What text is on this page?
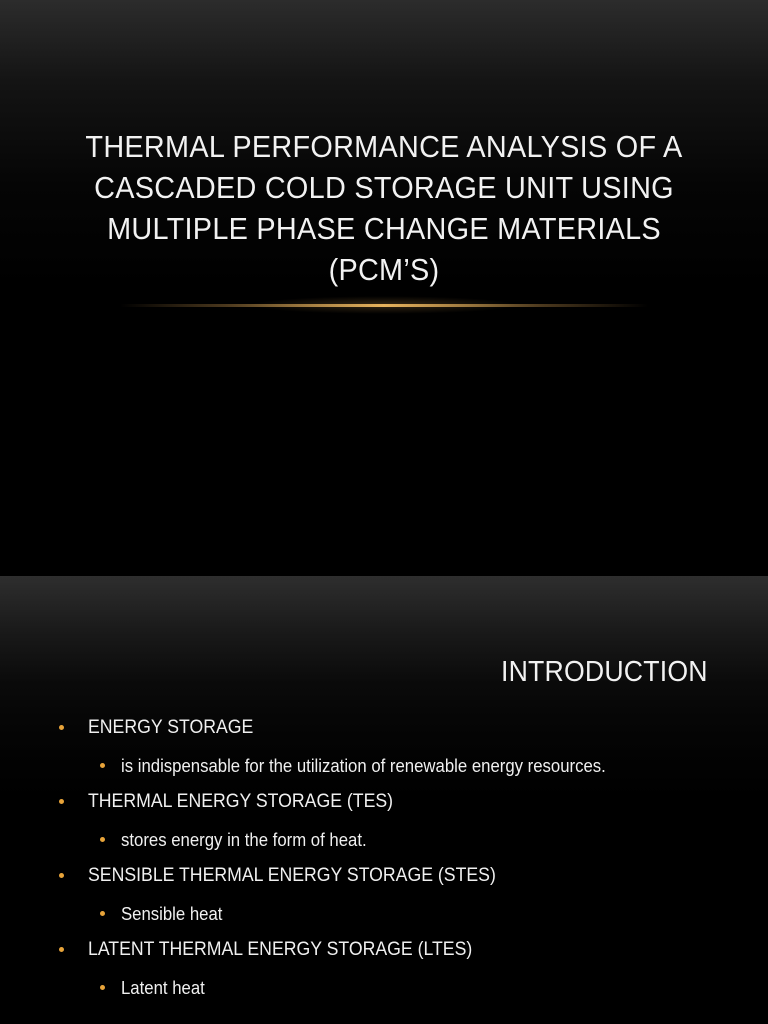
THERMAL PERFORMANCE ANALYSIS OF A CASCADED COLD STORAGE UNIT USING MULTIPLE PHASE CHANGE MATERIALS (PCM’S)
INTRODUCTION
ENERGY STORAGE
is indispensable for the utilization of renewable energy resources.
THERMAL ENERGY STORAGE (TES)
stores energy in the form of heat.
SENSIBLE THERMAL ENERGY STORAGE (STES)
Sensible heat
LATENT THERMAL ENERGY STORAGE (LTES)
Latent heat
